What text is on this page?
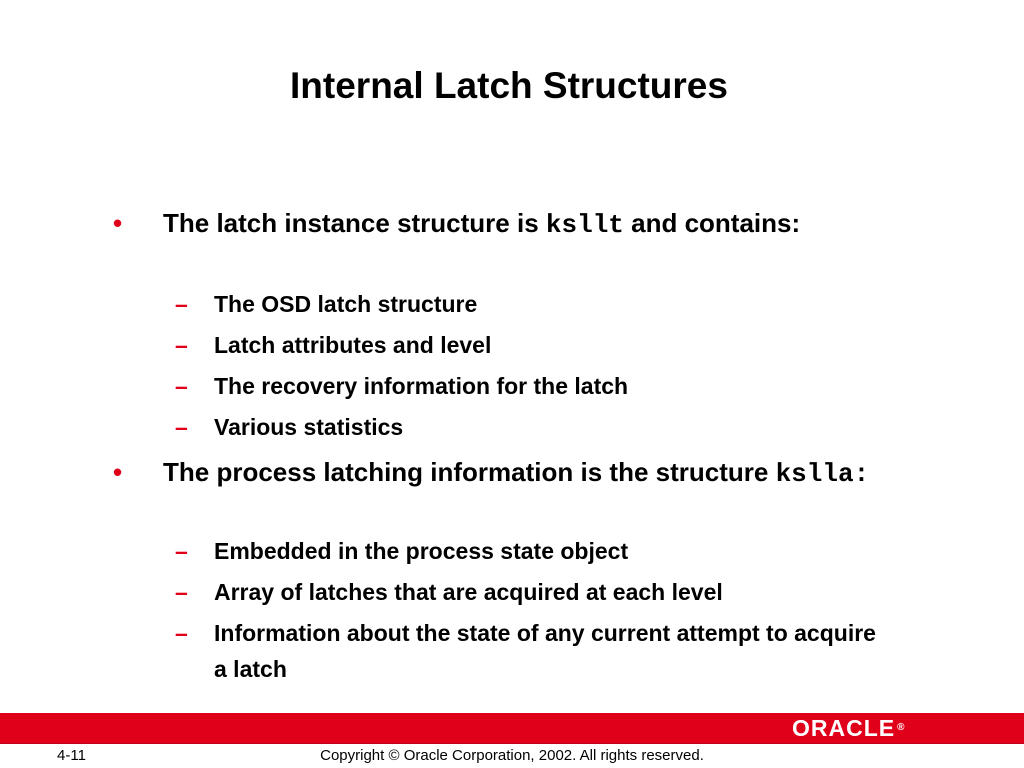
Internal Latch Structures
• The latch instance structure is ksllt and contains:
– The OSD latch structure
– Latch attributes and level
– The recovery information for the latch
– Various statistics
• The process latching information is the structure kslla:
– Embedded in the process state object
– Array of latches that are acquired at each level
– Information about the state of any current attempt to acquire a latch
ORACLE ®
4-11	Copyright © Oracle Corporation, 2002. All rights reserved.
